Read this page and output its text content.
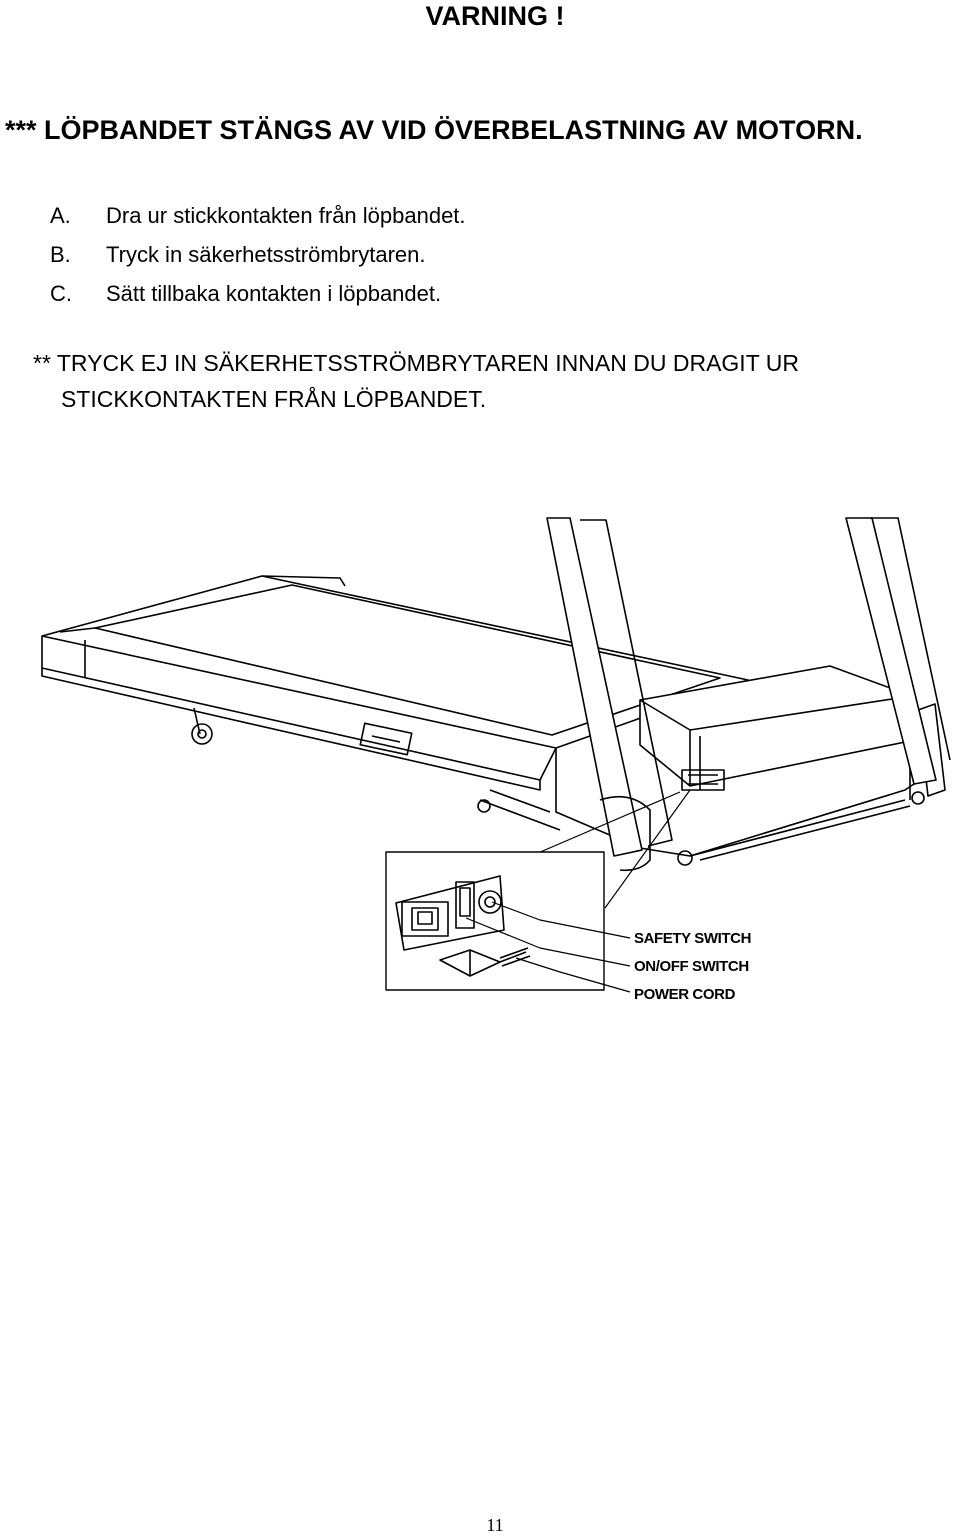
VARNING !
*** LÖPBANDET STÄNGS AV VID ÖVERBELASTNING AV MOTORN.
A.	Dra ur stickkontakten från löpbandet.
B.	Tryck in säkerhetsströmbrytaren.
C.	Sätt tillbaka kontakten i löpbandet.
** TRYCK EJ IN SÄKERHETSSTRÖMBRYTAREN INNAN DU DRAGIT UR
STICKKONTAKTEN FRÅN LÖPBANDET.
SAFETY SWITCH
ON/OFF SWITCH
POWER CORD
11
